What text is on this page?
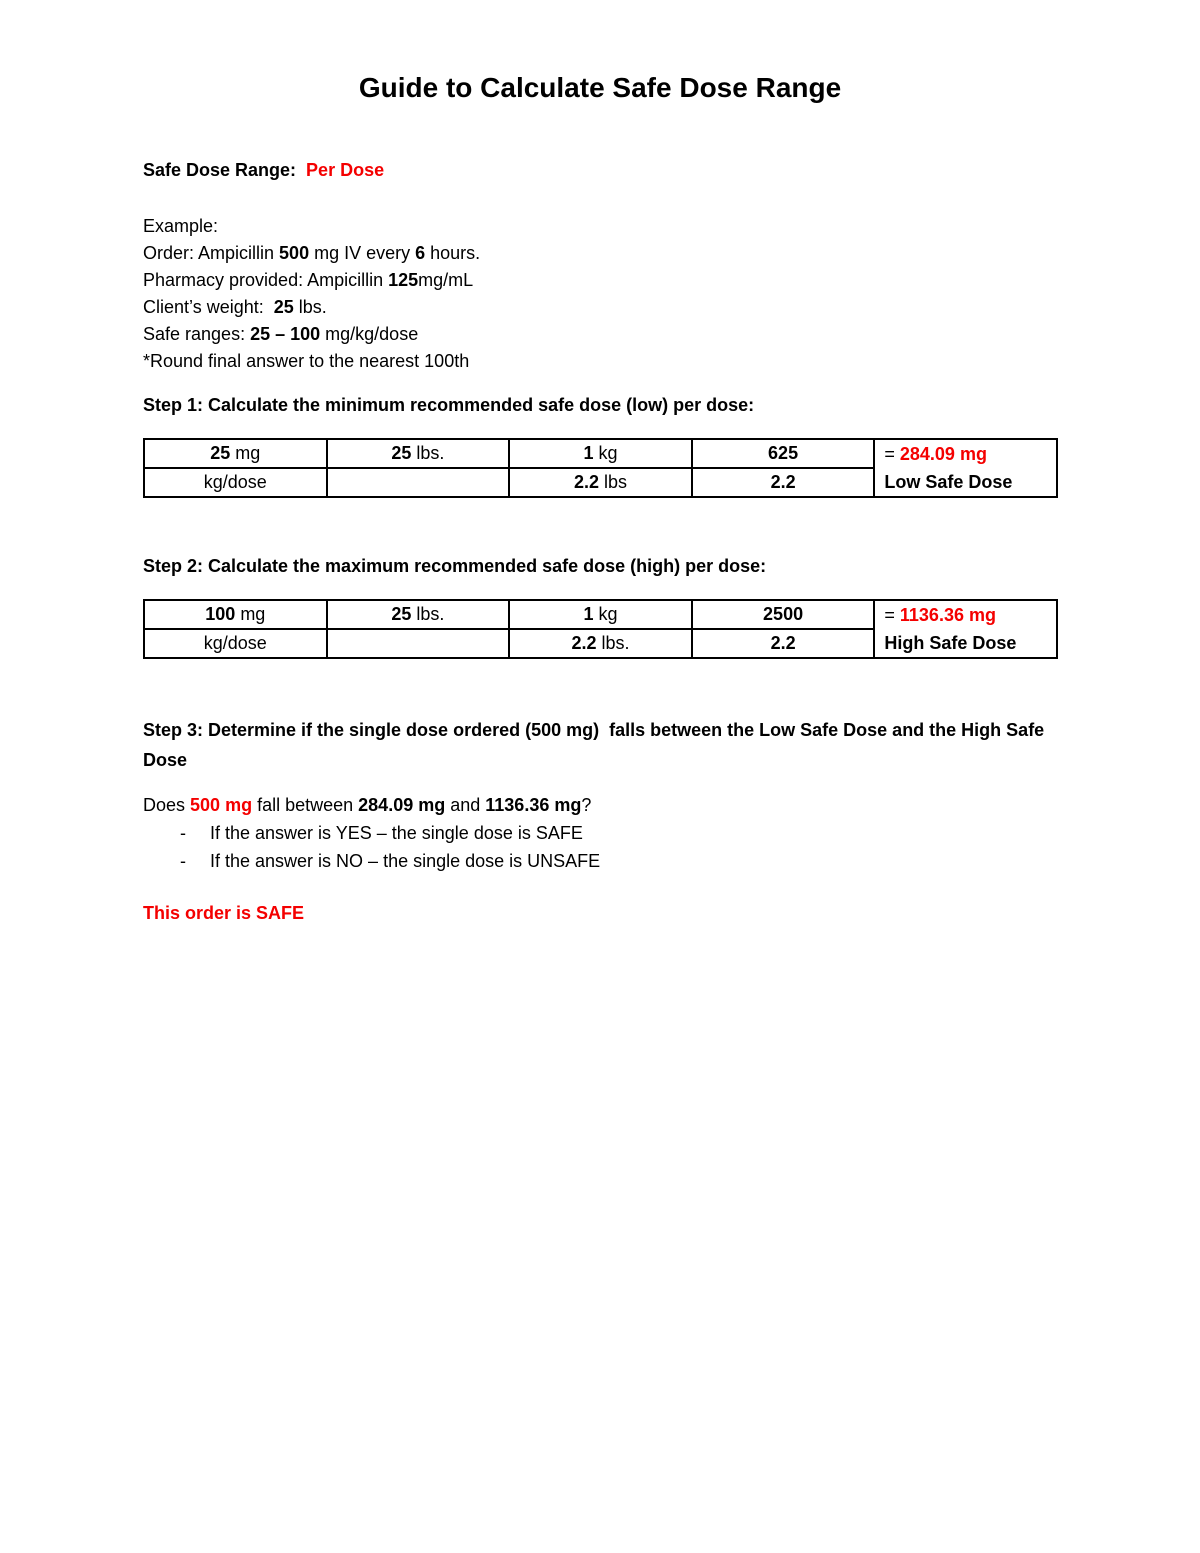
Guide to Calculate Safe Dose Range
Safe Dose Range:  Per Dose
Example:
Order: Ampicillin 500 mg IV every 6 hours.
Pharmacy provided: Ampicillin 125mg/mL
Client’s weight:  25 lbs.
Safe ranges: 25 – 100 mg/kg/dose
*Round final answer to the nearest 100th
Step 1: Calculate the minimum recommended safe dose (low) per dose:
25 mg	25 lbs.	1 kg	625	= 284.09 mg
Low Safe Dose

kg/dose		2.2 lbs	2.2	
Step 2: Calculate the maximum recommended safe dose (high) per dose:
100 mg	25 lbs.	1 kg	2500	= 1136.36 mg
High Safe Dose

kg/dose		2.2 lbs.	2.2	
Step 3: Determine if the single dose ordered (500 mg)  falls between the Low Safe Dose and the High Safe Dose
Does 500 mg fall between 284.09 mg and 1136.36 mg?
- If the answer is YES – the single dose is SAFE
- If the answer is NO – the single dose is UNSAFE
This order is SAFE
